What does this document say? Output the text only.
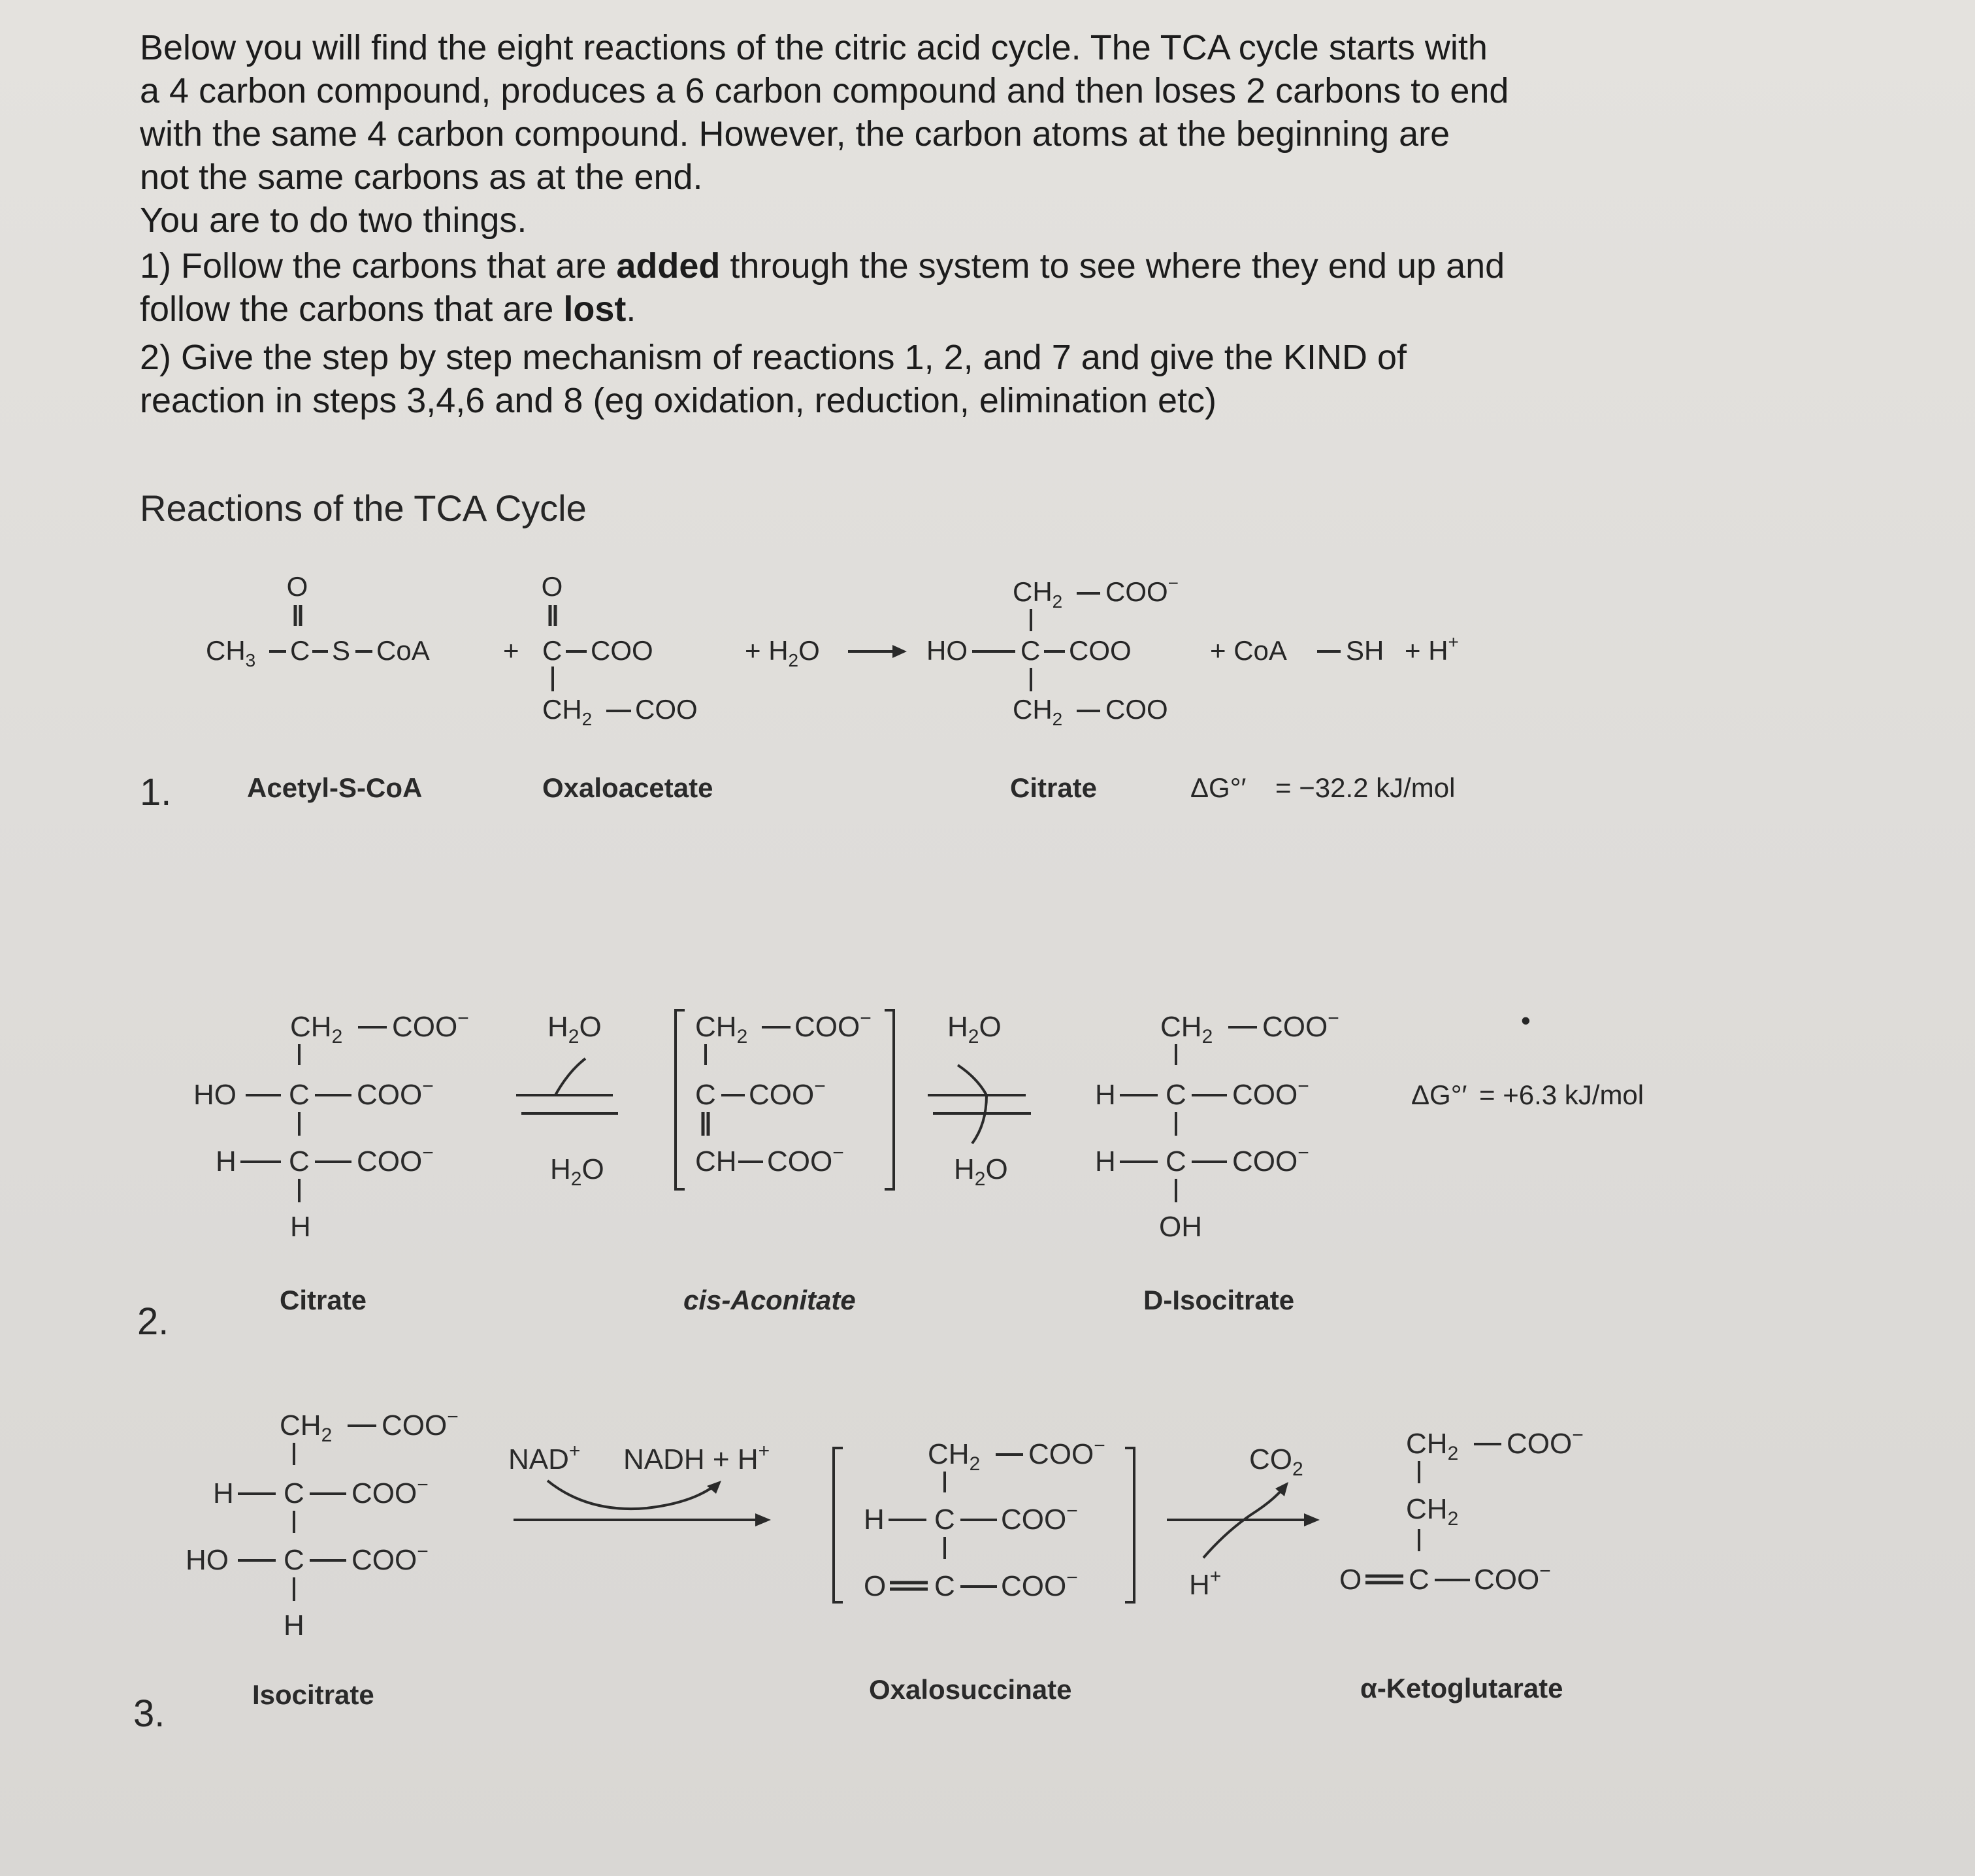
Below you will find the eight reactions of the citric acid cycle. The TCA cycle starts with

a 4 carbon compound, produces a 6 carbon compound and then loses 2 carbons to end

with the same 4 carbon compound. However, the carbon atoms at the beginning are

not the same carbons as at the end.

You are to do two things.

1) Follow the carbons that are added through the system to see where they end up and

follow the carbons that are lost.

2) Give the step by step mechanism of reactions 1, 2, and 7 and give the KIND of

reaction in steps 3,4,6 and 8 (eg oxidation, reduction, elimination etc)

Reactions of the TCA Cycle
O
$CH_3$ C S CoA	+
O
C COO
$CH_2$ COO
+ $H_2O$
$CH_2$ COO−
HO C COO
$CH_2$ COO
+ CoA SH + H+
1.	Acetyl-S-CoA	Oxaloacetate	Citrate	ΔG°′ = −32.2 kJ/mol
$CH_2$ COO−
HO C COO−
H C COO−
H
$H_2O$
$H_2O$
$CH_2$ COO−
C COO−
CH COO−
$H_2O$
$H_2O$
$CH_2$ COO−
H C COO−
H C COO−
OH
•
ΔG°′ = +6.3 kJ/mol
2.
Citrate	cis-Aconitate	D-Isocitrate
$CH_2$ COO−
H C COO−
HO C COO−
H
NAD+ NADH + H+	$CH_2$ COO−
H C COO−
O C COO−
$CO_2$
H+
$CH_2$ COO−
$CH_2$
O C COO−
3.	Isocitrate	Oxalosuccinate	α-Ketoglutarate
